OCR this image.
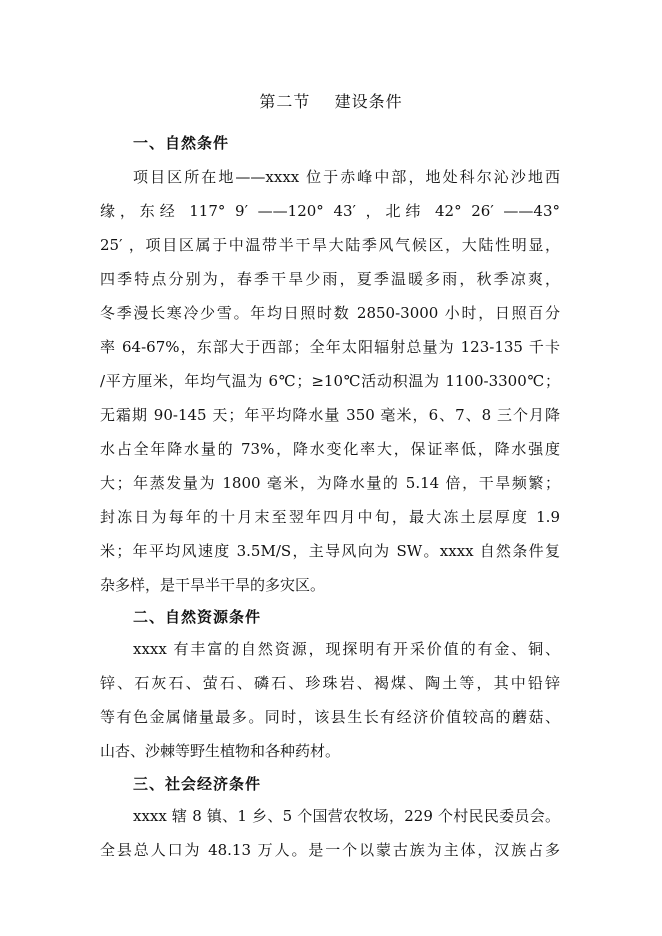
第二节    建设条件
一、自然条件
项目区所在地——xxxx 位于赤峰中部，地处科尔沁沙地西
缘，东经 117° 9′ ——120° 43′ ，北纬 42° 26′ ——43°
25′ ，项目区属于中温带半干旱大陆季风气候区，大陆性明显，
四季特点分别为，春季干旱少雨，夏季温暖多雨，秋季凉爽，
冬季漫长寒冷少雪。年均日照时数 2850-3000 小时，日照百分
率 64-67%，东部大于西部；全年太阳辐射总量为 123-135 千卡
/平方厘米，年均气温为 6℃；≥10℃活动积温为 1100-3300℃；
无霜期 90-145 天；年平均降水量 350 毫米，6、7、8 三个月降
水占全年降水量的 73%，降水变化率大，保证率低，降水强度
大；年蒸发量为 1800 毫米，为降水量的 5.14 倍，干旱频繁；
封冻日为每年的十月末至翌年四月中旬，最大冻土层厚度 1.9
米；年平均风速度 3.5M/S，主导风向为 SW。xxxx 自然条件复
杂多样，是干旱半干旱的多灾区。
二、自然资源条件
xxxx 有丰富的自然资源，现探明有开采价值的有金、铜、
锌、石灰石、萤石、磷石、珍珠岩、褐煤、陶土等，其中铅锌
等有色金属储量最多。同时，该县生长有经济价值较高的蘑菇、
山杏、沙棘等野生植物和各种药材。
三、社会经济条件
xxxx 辖 8 镇、1 乡、5 个国营农牧场，229 个村民民委员会。
全县总人口为 48.13 万人。是一个以蒙古族为主体，汉族占多
